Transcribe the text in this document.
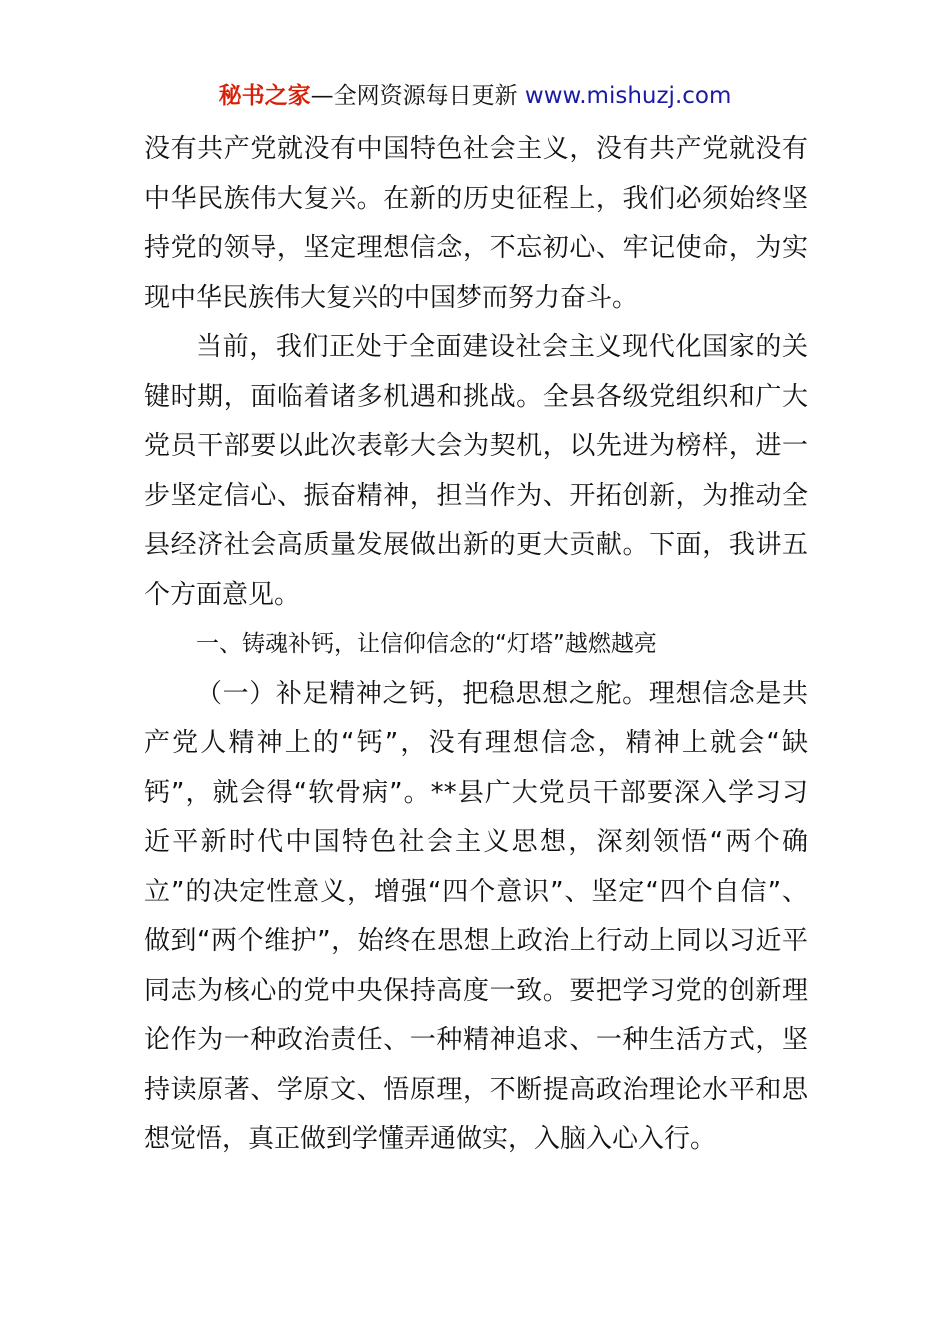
秘书之家—全网资源每日更新 www.mishuzj.com

没有共产党就没有中国特色社会主义，没有共产党就没有中华民族伟大复兴。在新的历史征程上，我们必须始终坚持党的领导，坚定理想信念，不忘初心、牢记使命，为实现中华民族伟大复兴的中国梦而努力奋斗。

当前，我们正处于全面建设社会主义现代化国家的关键时期，面临着诸多机遇和挑战。全县各级党组织和广大党员干部要以此次表彰大会为契机，以先进为榜样，进一步坚定信心、振奋精神，担当作为、开拓创新，为推动全县经济社会高质量发展做出新的更大贡献。下面，我讲五个方面意见。

一、铸魂补钙，让信仰信念的“灯塔”越燃越亮

（一）补足精神之钙，把稳思想之舵。理想信念是共产党人精神上的“钙”，没有理想信念，精神上就会“缺钙”，就会得“软骨病”。**县广大党员干部要深入学习习近平新时代中国特色社会主义思想，深刻领悟“两个确立”的决定性意义，增强“四个意识”、坚定“四个自信”、做到“两个维护”，始终在思想上政治上行动上同以习近平同志为核心的党中央保持高度一致。要把学习党的创新理论作为一种政治责任、一种精神追求、一种生活方式，坚持读原著、学原文、悟原理，不断提高政治理论水平和思想觉悟，真正做到学懂弄通做实，入脑入心入行。
